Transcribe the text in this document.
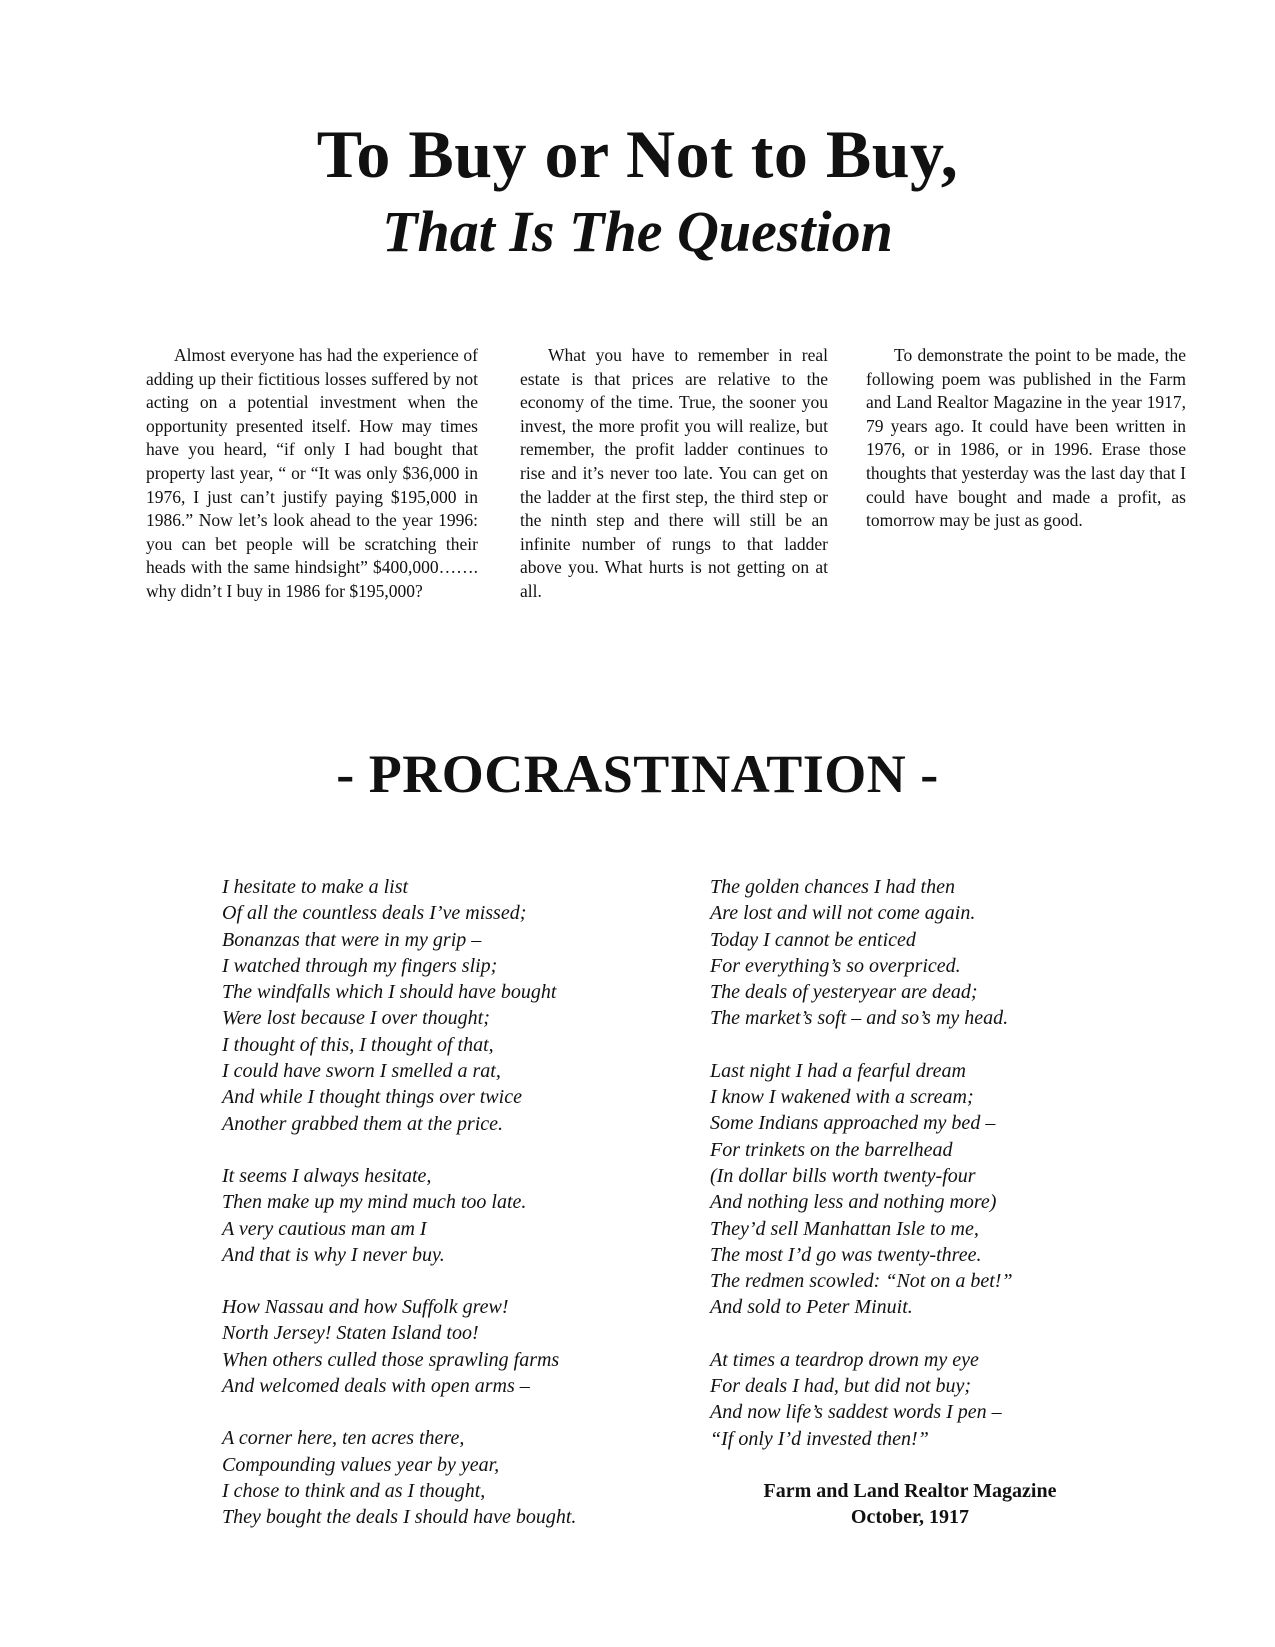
To Buy or Not to Buy,
That Is The Question

Almost everyone has had the experience of adding up their fictitious losses suffered by not acting on a potential investment when the opportunity presented itself. How may times have you heard, “if only I had bought that property last year, “ or “It was only $36,000 in 1976, I just can’t justify paying $195,000 in 1986.” Now let’s look ahead to the year 1996: you can bet people will be scratching their heads with the same hindsight” $400,000……. why didn’t I buy in 1986 for $195,000?

What you have to remember in real estate is that prices are relative to the economy of the time. True, the sooner you invest, the more profit you will realize, but remember, the profit ladder continues to rise and it’s never too late. You can get on the ladder at the first step, the third step or the ninth step and there will still be an infinite number of rungs to that ladder above you. What hurts is not getting on at all.

To demonstrate the point to be made, the following poem was published in the Farm and Land Realtor Magazine in the year 1917, 79 years ago. It could have been written in 1976, or in 1986, or in 1996. Erase those thoughts that yesterday was the last day that I could have bought and made a profit, as tomorrow may be just as good.

- PROCRASTINATION -
I hesitate to make a list
Of all the countless deals I’ve missed;
Bonanzas that were in my grip –
I watched through my fingers slip;
The windfalls which I should have bought
Were lost because I over thought;
I thought of this, I thought of that,
I could have sworn I smelled a rat,
And while I thought things over twice
Another grabbed them at the price.
It seems I always hesitate,
Then make up my mind much too late.
A very cautious man am I
And that is why I never buy.
How Nassau and how Suffolk grew!
North Jersey! Staten Island too!
When others culled those sprawling farms
And welcomed deals with open arms –
A corner here, ten acres there,
Compounding values year by year,
I chose to think and as I thought,
They bought the deals I should have bought.
The golden chances I had then
Are lost and will not come again.
Today I cannot be enticed
For everything’s so overpriced.
The deals of yesteryear are dead;
The market’s soft – and so’s my head.
Last night I had a fearful dream
I know I wakened with a scream;
Some Indians approached my bed –
For trinkets on the barrelhead
(In dollar bills worth twenty-four
And nothing less and nothing more)
They’d sell Manhattan Isle to me,
The most I’d go was twenty-three.
The redmen scowled: “Not on a bet!”
And sold to Peter Minuit.
At times a teardrop drown my eye
For deals I had, but did not buy;
And now life’s saddest words I pen –
“If only I’d invested then!”
Farm and Land Realtor Magazine
October, 1917
